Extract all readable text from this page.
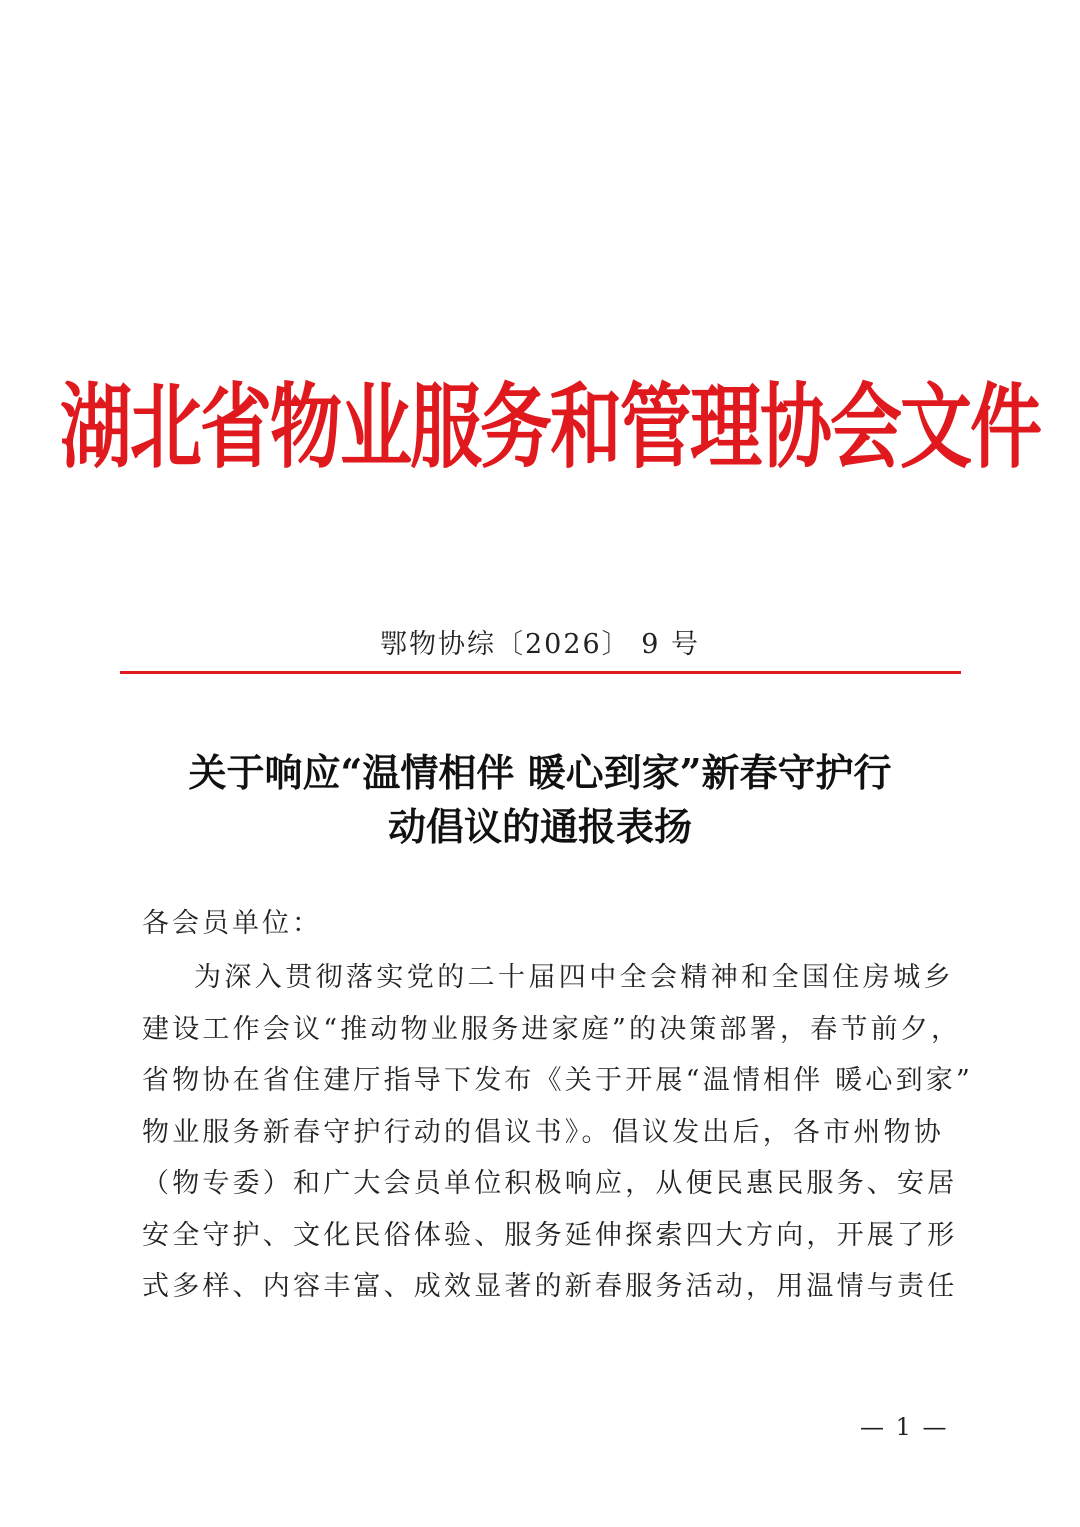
湖北省物业服务和管理协会文件
鄂物协综〔2026〕 9 号
关于响应“温情相伴 暖心到家”新春守护行
动倡议的通报表扬
各会员单位：
为深入贯彻落实党的二十届四中全会精神和全国住房城乡
建设工作会议“推动物业服务进家庭”的决策部署，春节前夕，
省物协在省住建厅指导下发布《关于开展“温情相伴 暖心到家”
物业服务新春守护行动的倡议书》。倡议发出后，各市州物协
（物专委）和广大会员单位积极响应，从便民惠民服务、安居
安全守护、文化民俗体验、服务延伸探索四大方向，开展了形
式多样、内容丰富、成效显著的新春服务活动，用温情与责任
— 1 —
